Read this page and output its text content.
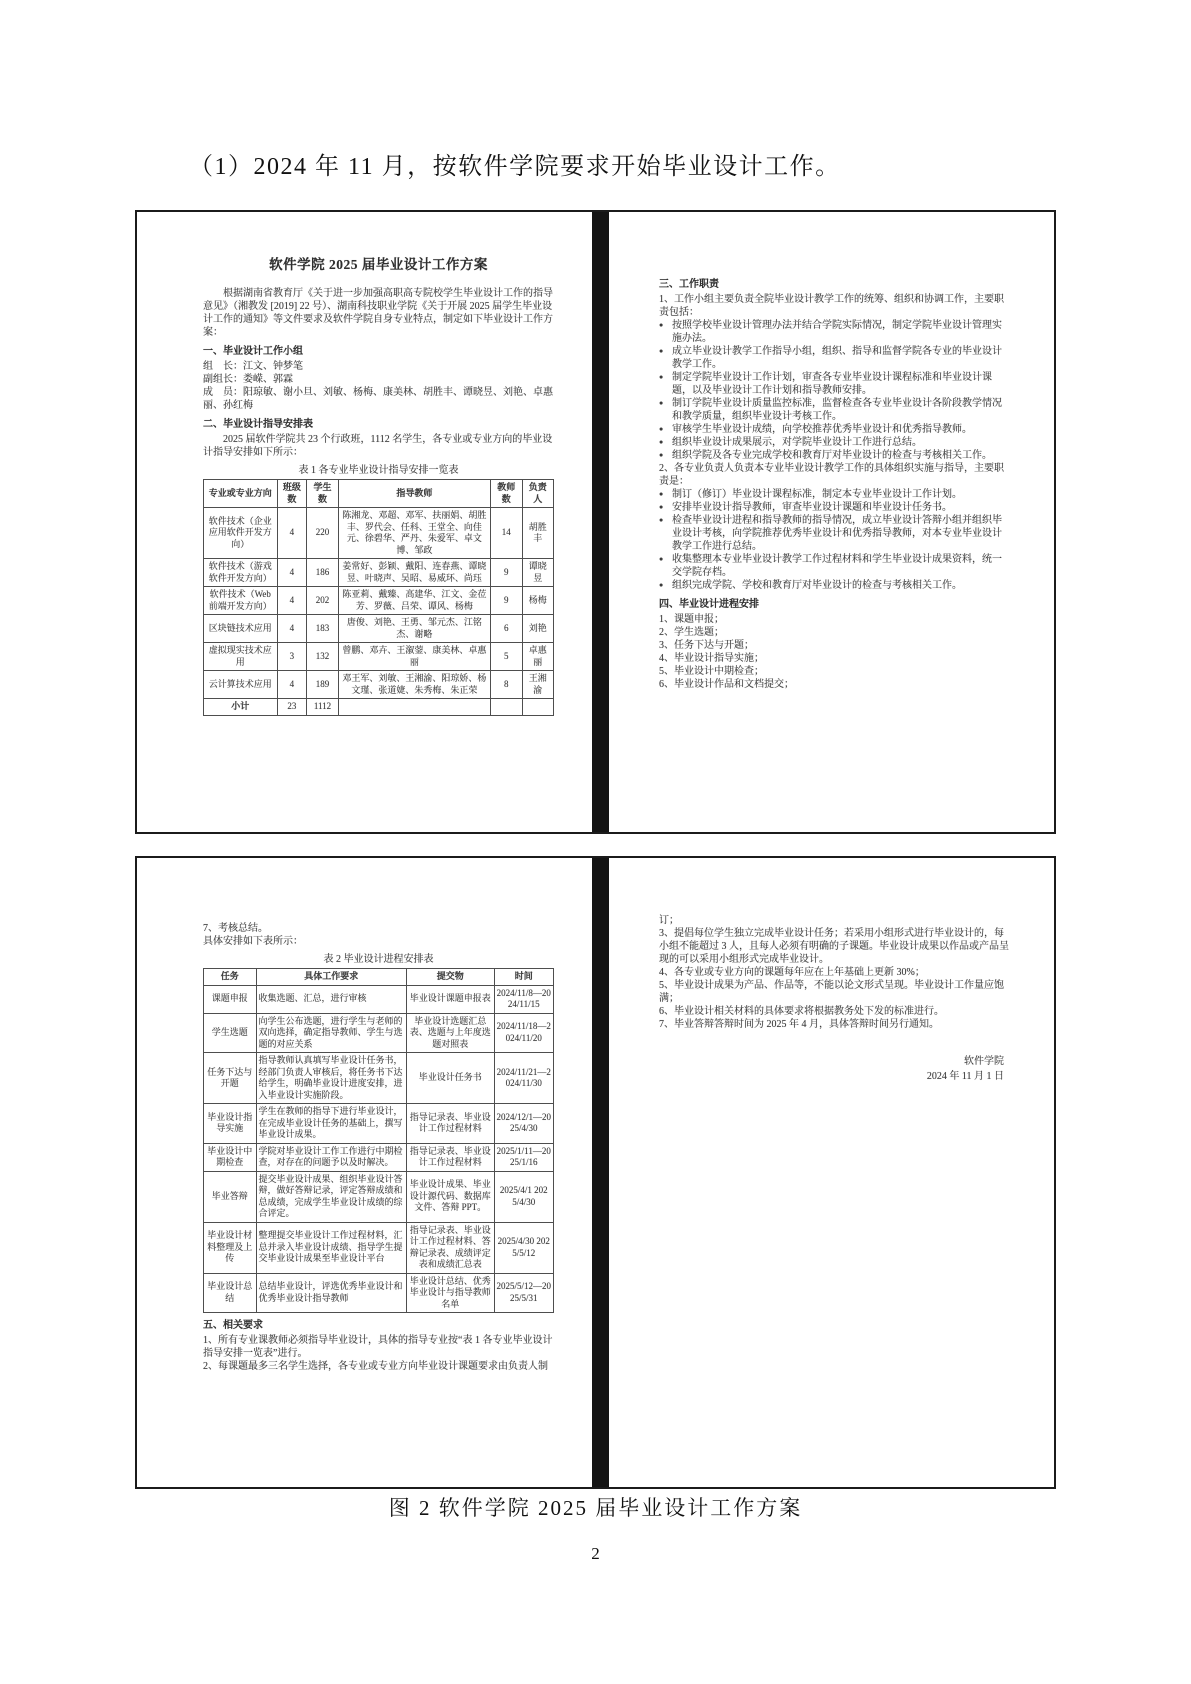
（1）2024 年 11 月，按软件学院要求开始毕业设计工作。

软件学院 2025 届毕业设计工作方案

根据湖南省教育厅《关于进一步加强高职高专院校学生毕业设计工作的指导意见》（湘教发 [2019] 22 号）、湖南科技职业学院《关于开展 2025 届学生毕业设计工作的通知》等文件要求及软件学院自身专业特点，制定如下毕业设计工作方案：

一、毕业设计工作小组

组　长：江文、钟梦笔

副组长：娄嵘、郭霖

成　员：阳琼敏、谢小旦、刘敏、杨梅、康美林、胡胜丰、谭晓昱、刘艳、卓惠丽、孙红梅

二、毕业设计指导安排表

2025 届软件学院共 23 个行政班，1112 名学生，各专业或专业方向的毕业设计指导安排如下所示：

表 1 各专业毕业设计指导安排一览表

专业或专业方向	班级数	学生数	指导教师	教师数	负责人
软件技术（企业应用软件开发方向）	4	220	陈湘龙、邓超、邓军、扶丽娟、胡胜丰、罗代会、任科、王堂全、向佳元、徐碧华、严丹、朱爱军、卓文博、邹政	14	胡胜丰
软件技术（游戏软件开发方向）	4	186	姜常好、彭颖、戴阳、连春燕、谭晓昱、叶晓声、吴昭、易威环、尚珏	9	谭晓昱
软件技术（Web 前端开发方向）	4	202	陈亚莉、戴臻、高建华、江文、金莅芳、罗薇、吕荣、谭风、杨梅	9	杨梅
区块链技术应用	4	183	唐俊、刘艳、王勇、邹元杰、江铭杰、谢略	6	刘艳
虚拟现实技术应用	3	132	曾鹏、邓卉、王溆蓥、康美林、卓惠丽	5	卓惠丽
云计算技术应用	4	189	邓王军、刘敏、王湘渝、阳琼娇、杨文瑾、张道婕、朱秀梅、朱正荣	8	王湘渝
小计	23	1112			

三、工作职责

1、工作小组主要负责全院毕业设计教学工作的统筹、组织和协调工作，主要职责包括：

● 按照学校毕业设计管理办法并结合学院实际情况，制定学院毕业设计管理实施办法。
● 成立毕业设计教学工作指导小组，组织、指导和监督学院各专业的毕业设计教学工作。
● 制定学院毕业设计工作计划，审查各专业毕业设计课程标准和毕业设计课题，以及毕业设计工作计划和指导教师安排。
● 制订学院毕业设计质量监控标准，监督检查各专业毕业设计各阶段教学情况和教学质量，组织毕业设计考核工作。
● 审核学生毕业设计成绩，向学校推荐优秀毕业设计和优秀指导教师。
● 组织毕业设计成果展示，对学院毕业设计工作进行总结。
● 组织学院及各专业完成学校和教育厅对毕业设计的检查与考核相关工作。

2、各专业负责人负责本专业毕业设计教学工作的具体组织实施与指导，主要职责是：

● 制订（修订）毕业设计课程标准，制定本专业毕业设计工作计划。
● 安排毕业设计指导教师，审查毕业设计课题和毕业设计任务书。
● 检查毕业设计进程和指导教师的指导情况，成立毕业设计答辩小组并组织毕业设计考核，向学院推荐优秀毕业设计和优秀指导教师，对本专业毕业设计教学工作进行总结。
● 收集整理本专业毕业设计教学工作过程材料和学生毕业设计成果资料，统一交学院存档。
● 组织完成学院、学校和教育厅对毕业设计的检查与考核相关工作。

四、毕业设计进程安排

1、课题申报；

2、学生选题；

3、任务下达与开题；

4、毕业设计指导实施；

5、毕业设计中期检查；

6、毕业设计作品和文档提交；

7、考核总结。

具体安排如下表所示：

表 2 毕业设计进程安排表

任务	具体工作要求	提交物	时间
课题申报	收集选题、汇总，进行审核	毕业设计课题申报表	2024/11/8—2024/11/15
学生选题	向学生公布选题，进行学生与老师的双向选择，确定指导教师、学生与选题的对应关系	毕业设计选题汇总表、选题与上年度选题对照表	2024/11/18—2024/11/20
任务下达与开题	指导教师认真填写毕业设计任务书，经部门负责人审核后，将任务书下达给学生，明确毕业设计进度安排，进入毕业设计实施阶段。	毕业设计任务书	2024/11/21—2024/11/30
毕业设计指导实施	学生在教师的指导下进行毕业设计，在完成毕业设计任务的基础上，撰写毕业设计成果。	指导记录表、毕业设计工作过程材料	2024/12/1—2025/4/30
毕业设计中期检查	学院对毕业设计工作工作进行中期检查，对存在的问题予以及时解决。	指导记录表、毕业设计工作过程材料	2025/1/11—2025/1/16
毕业答辩	提交毕业设计成果、组织毕业设计答辩，做好答辩记录，评定答辩成绩和总成绩，完成学生毕业设计成绩的综合评定。	毕业设计成果、毕业设计源代码、数据库文件、答辩 PPT。	2025/4/1 2025/4/30
毕业设计材料整理及上传	整理提交毕业设计工作过程材料，汇总并录入毕业设计成绩、指导学生提交毕业设计成果至毕业设计平台	指导记录表、毕业设计工作过程材料、答辩记录表、成绩评定表和成绩汇总表	2025/4/30 2025/5/12
毕业设计总结	总结毕业设计，评选优秀毕业设计和优秀毕业设计指导教师	毕业设计总结、优秀毕业设计与指导教师名单	2025/5/12—2025/5/31

五、相关要求

1、所有专业课教师必须指导毕业设计，具体的指导专业按“表 1 各专业毕业设计指导安排一览表”进行。

2、每课题最多三名学生选择，各专业或专业方向毕业设计课题要求由负责人制

订；

3、提倡每位学生独立完成毕业设计任务；若采用小组形式进行毕业设计的，每小组不能超过 3 人，且每人必须有明确的子课题。毕业设计成果以作品或产品呈现的可以采用小组形式完成毕业设计。

4、各专业或专业方向的课题每年应在上年基础上更新 30%；

5、毕业设计成果为产品、作品等，不能以论文形式呈现。毕业设计工作量应饱满；

6、毕业设计相关材料的具体要求将根据教务处下发的标准进行。

7、毕业答辩答辩时间为 2025 年 4 月，具体答辩时间另行通知。

软件学院

2024 年 11 月 1 日

图 2 软件学院 2025 届毕业设计工作方案
2
